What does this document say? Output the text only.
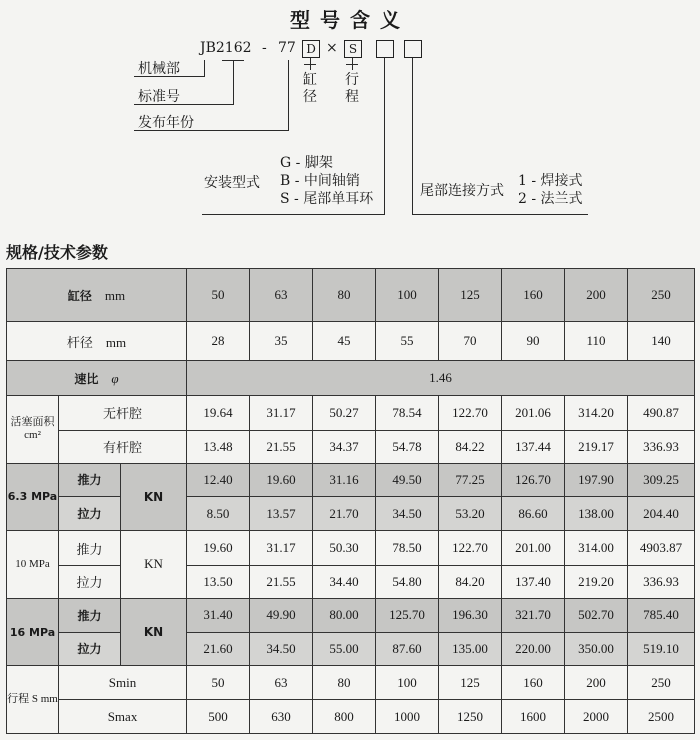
型号含义
JB2162 - 77 D × S
机械部
标准号
发布年份
缸径
行程
安装型式
G - 脚架
B - 中间轴销
S - 尾部单耳环	尾部连接方式
1 - 焊接式
2 - 法兰式
规格/技术参数
缸径 mm			50	63	80	100	125	160	200	250
杆径 mm			28	35	45	55	70	90	110	140
速比 φ			1.46							
活塞面积cm²	无杆腔		19.64	31.17	50.27	78.54	122.70	201.06	314.20	490.87
	有杆腔		13.48	21.55	34.37	54.78	84.22	137.44	219.17	336.93
6.3 MPa	推力	KN	12.40	19.60	31.16	49.50	77.25	126.70	197.90	309.25
	拉力		8.50	13.57	21.70	34.50	53.20	86.60	138.00	204.40
10 MPa	推力	KN	19.60	31.17	50.30	78.50	122.70	201.00	314.00	4903.87
	拉力		13.50	21.55	34.40	54.80	84.20	137.40	219.20	336.93
16 MPa	推力	KN	31.40	49.90	80.00	125.70	196.30	321.70	502.70	785.40
	拉力		21.60	34.50	55.00	87.60	135.00	220.00	350.00	519.10
行程 S mm	Smin		50	63	80	100	125	160	200	250
	Smax		500	630	800	1000	1250	1600	2000	2500
